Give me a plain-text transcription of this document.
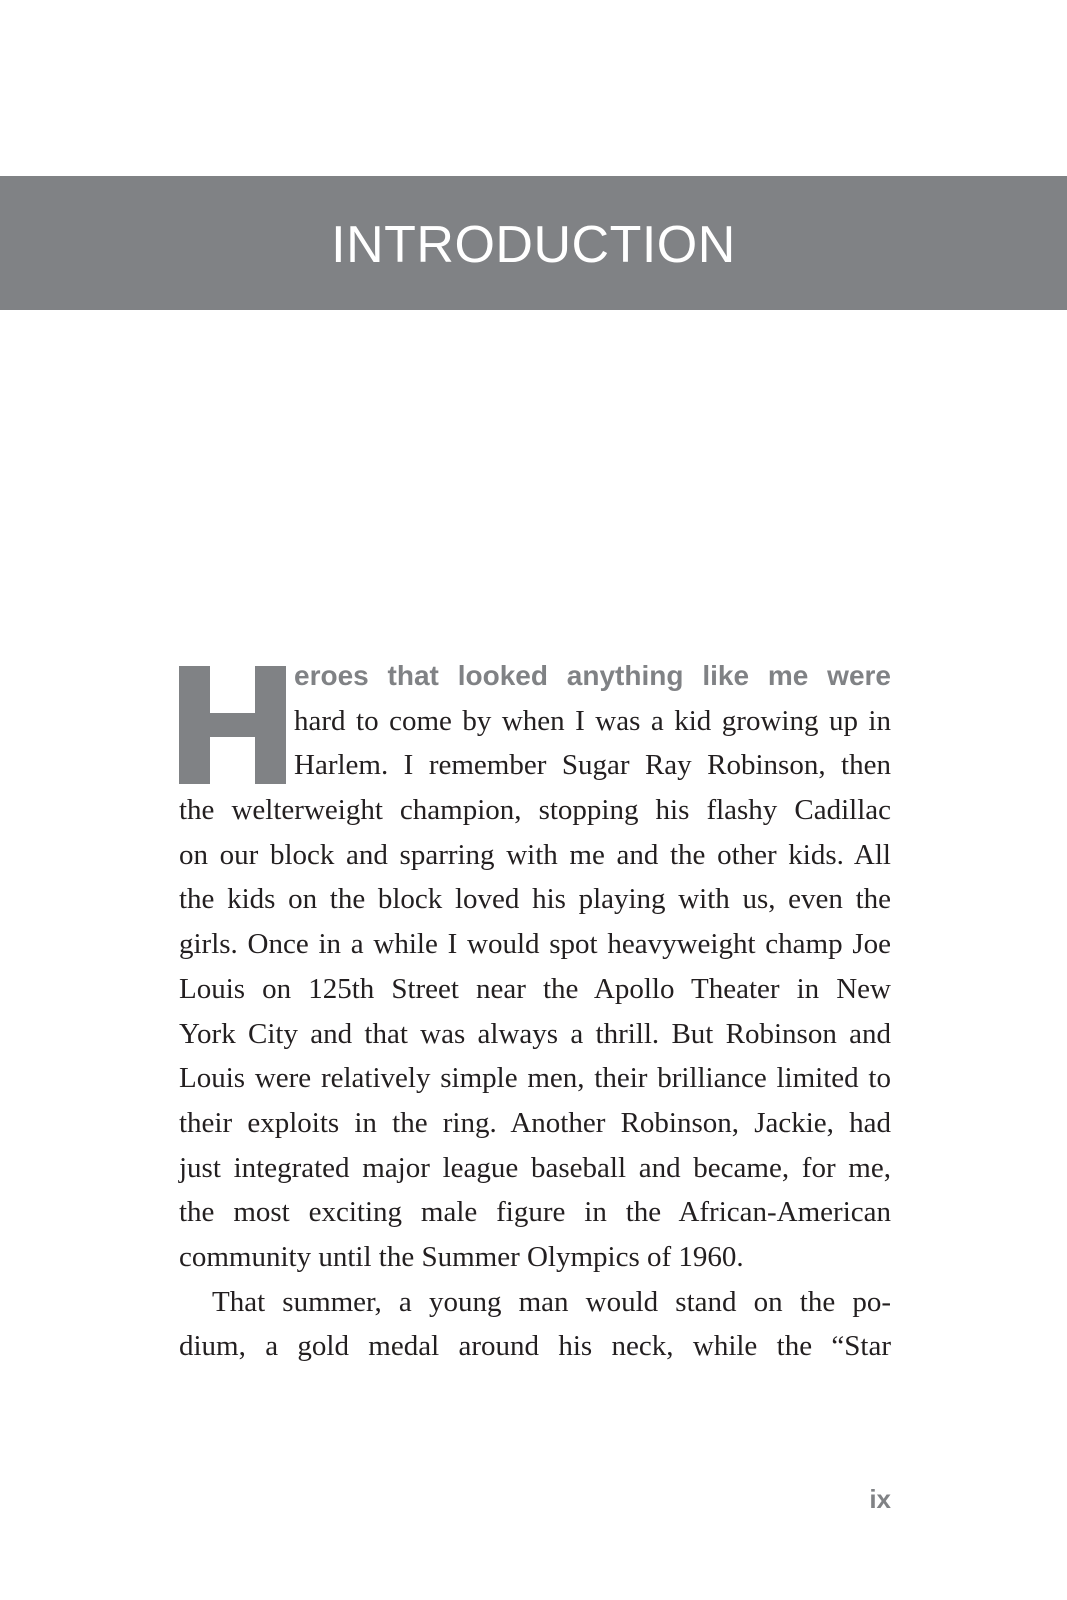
INTRODUCTION
eroes that looked anything like me were
hard to come by when I was a kid growing up in
Harlem. I remember Sugar Ray Robinson, then
the welterweight champion, stopping his flashy Cadillac
on our block and sparring with me and the other kids. All
the kids on the block loved his playing with us, even the
girls. Once in a while I would spot heavyweight champ Joe
Louis on 125th Street near the Apollo Theater in New
York City and that was always a thrill. But Robinson and
Louis were relatively simple men, their brilliance limited to
their exploits in the ring. Another Robinson, Jackie, had
just integrated major league baseball and became, for me,
the most exciting male figure in the African-American
community until the Summer Olympics of 1960.
That summer, a young man would stand on the po-
dium, a gold medal around his neck, while the “Star
ix
